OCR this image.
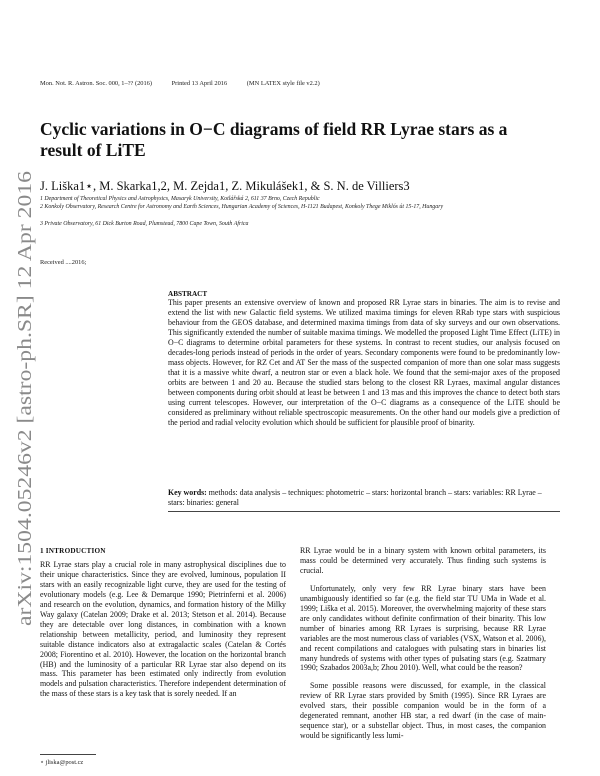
Mon. Not. R. Astron. Soc. 000, 1–?? (2016)	Printed 13 April 2016	(MN LATEX style file v2.2)
Cyclic variations in O−C diagrams of field RR Lyrae stars as a result of LiTE
J. Liška1⋆, M. Skarka1,2, M. Zejda1, Z. Mikulášek1, & S. N. de Villiers3
1 Department of Theoretical Physics and Astrophysics, Masaryk University, Kotlářská 2, 611 37 Brno, Czech Republic
2 Konkoly Observatory, Research Centre for Astronomy and Earth Sciences, Hungarian Academy of Sciences, H-1121 Budapest, Konkoly Thege Miklós út 15-17, Hungary
3 Private Observatory, 61 Dick Burton Road, Plumstead, 7800 Cape Town, South Africa
Received ....2016;
ABSTRACT
This paper presents an extensive overview of known and proposed RR Lyrae stars in binaries. The aim is to revise and extend the list with new Galactic field systems. We utilized maxima timings for eleven RRab type stars with suspicious behaviour from the GEOS database, and determined maxima timings from data of sky surveys and our own observations. This significantly extended the number of suitable maxima timings. We modelled the proposed Light Time Effect (LiTE) in O−C diagrams to determine orbital parameters for these systems. In contrast to recent studies, our analysis focused on decades-long periods instead of periods in the order of years. Secondary components were found to be predominantly low-mass objects. However, for RZ Cet and AT Ser the mass of the suspected companion of more than one solar mass suggests that it is a massive white dwarf, a neutron star or even a black hole. We found that the semi-major axes of the proposed orbits are between 1 and 20 au. Because the studied stars belong to the closest RR Lyraes, maximal angular distances between components during orbit should at least be between 1 and 13 mas and this improves the chance to detect both stars using current telescopes. However, our interpretation of the O−C diagrams as a consequence of the LiTE should be considered as preliminary without reliable spectroscopic measurements. On the other hand our models give a prediction of the period and radial velocity evolution which should be sufficient for plausible proof of binarity.
Key words: methods: data analysis – techniques: photometric – stars: horizontal branch – stars: variables: RR Lyrae – stars: binaries: general
arXiv:1504.05246v2 [astro-ph.SR] 12 Apr 2016 1 INTRODUCTION

RR Lyrae stars play a crucial role in many astrophysical disciplines due to their unique characteristics. Since they are evolved, luminous, population II stars with an easily recognizable light curve, they are used for the testing of evolutionary models (e.g. Lee & Demarque 1990; Pietrinferni et al. 2006) and research on the evolution, dynamics, and formation history of the Milky Way galaxy (Catelan 2009; Drake et al. 2013; Stetson et al. 2014). Because they are detectable over long distances, in combination with a known relationship between metallicity, period, and luminosity they represent suitable distance indicators also at extragalactic scales (Catelan & Cortés 2008; Fiorentino et al. 2010). However, the location on the horizontal branch (HB) and the luminosity of a particular RR Lyrae star also depend on its mass. This parameter has been estimated only indirectly from evolution models and pulsation characteristics. Therefore independent determination of the mass of these stars is a key task that is sorely needed. If an

RR Lyrae would be in a binary system with known orbital parameters, its mass could be determined very accurately. Thus finding such systems is crucial.

Unfortunately, only very few RR Lyrae binary stars have been unambiguously identified so far (e.g. the field star TU UMa in Wade et al. 1999; Liška et al. 2015). Moreover, the overwhelming majority of these stars are only candidates without definite confirmation of their binarity. This low number of binaries among RR Lyraes is surprising, because RR Lyrae variables are the most numerous class of variables (VSX, Watson et al. 2006), and recent compilations and catalogues with pulsating stars in binaries list many hundreds of systems with other types of pulsating stars (e.g. Szatmary 1990; Szabados 2003a,b; Zhou 2010). Well, what could be the reason?

Some possible reasons were discussed, for example, in the classical review of RR Lyrae stars provided by Smith (1995). Since RR Lyraes are evolved stars, their possible companion would be in the form of a degenerated remnant, another HB star, a red dwarf (in the case of main-sequence star), or a substellar object. Thus, in most cases, the companion would be significantly less lumi-

⋆ jliska@post.cz
